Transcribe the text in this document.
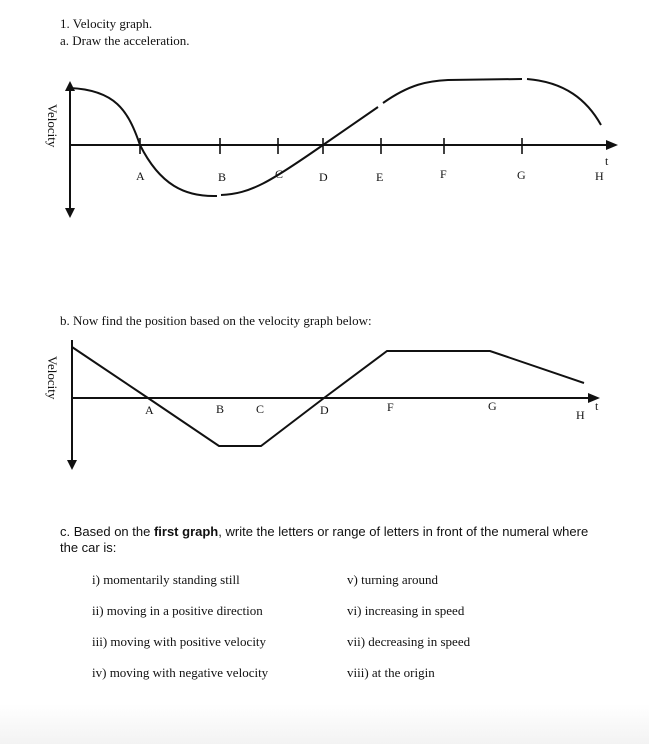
1. Velocity graph.
a. Draw the acceleration.
A	B	C	D	E	F	G	H
t
Velocity
b. Now find the position based on the velocity graph below:
A	B	C	D	F	G
H
t
Velocity
c. Based on the first graph, write the letters or range of letters in front of the numeral where the car is:
i) momentarily standing still
ii) moving in a positive direction
iii) moving with positive velocity
iv) moving with negative velocity
v) turning around
vi) increasing in speed
vii) decreasing in speed
viii) at the origin
